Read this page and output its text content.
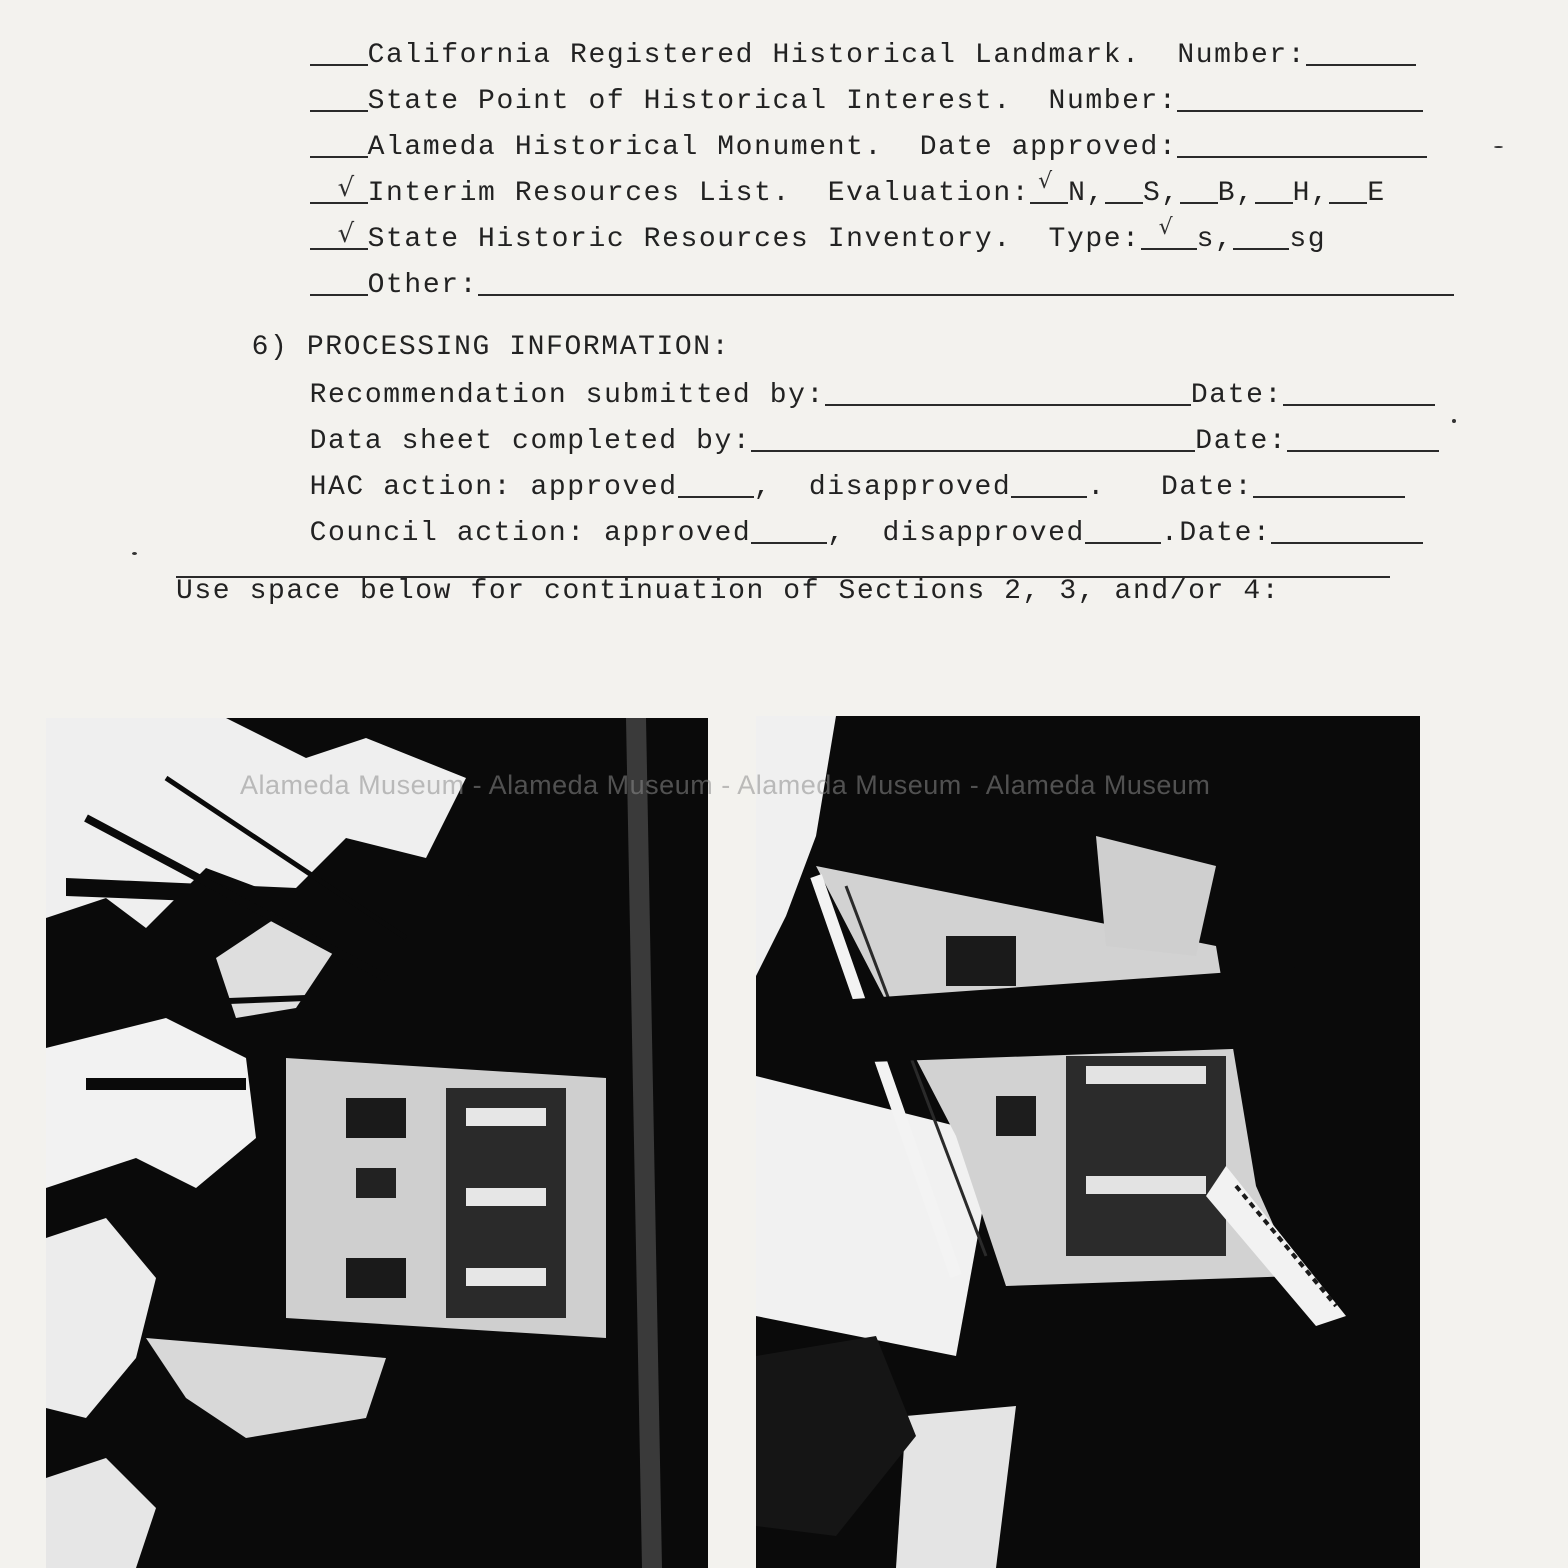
California Registered Historical Landmark. Number:

State Point of Historical Interest. Number:

Alameda Historical Monument. Date approved:

√ Interim Resources List. Evaluation: √ N, S, B, H, E

√ State Historic Resources Inventory. Type: √ s, sg

Other:

6) PROCESSING INFORMATION:

Recommendation submitted by:	Date:

Data sheet completed by:	Date:

HAC action: approved	,  disapproved	.   Date:

Council action: approved	,  disapproved	.Date:

Use space below for continuation of Sections 2, 3, and/or 4:
Alameda Museum - Alameda Museum - Alameda Museum - Alameda Museum
